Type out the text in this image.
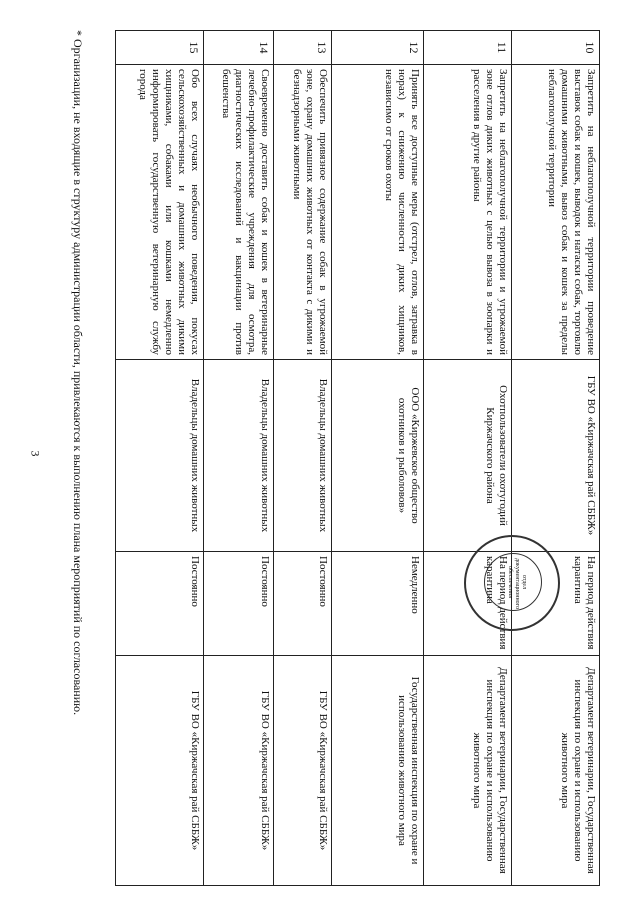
3
10	Запретить на неблагополучной территории проведение выставок собак и кошек, выводок и натаски собак, торговлю домашними животными, вывоз собак и кошек за пределы неблагополучной территории	ГБУ ВО «Киржачская рай СББЖ»	На период действия карантина	Департамент ветеринарии, Государственная инспекция по охране и использованию животного мира
11	Запретить на неблагополучной территории и угрожаемой зоне отлов диких животных с целью вывоза в зоопарки и расселения в другие районы	Охотпользователи охотугодий Киржачского района	На период действия карантина	Департамент ветеринарии, Государственная инспекция по охране и использованию животного мира
12	Принять все доступные меры (отстрел, отлов, затравка в норах) к снижению численности диких хищников, независимо от сроков охоты	ООО «Киржевское общество охотников и рыболовов»	Немедленно	Государственная инспекция по охране и использованию животного мира
13	Обеспечить привязное содержание собак в угрожаемой зоне, охрану домашних животных от контакта с дикими и безнадзорными животными	Владельцы домашних животных	Постоянно	ГБУ ВО «Киржачская рай СББЖ»
14	Своевременно доставить собак и кошек в ветеринарные лечебно-профилактические учреждения для осмотра, диагностических исследований и вакцинации против бешенства	Владельцы домашних животных	Постоянно	ГБУ ВО «Киржачская рай СББЖ»
15	Обо всех случаях необычного поведения, покусах сельскохозяйственных и домашних животных дикими хищниками, собаками или кошками немедленно информировать государственную ветеринарную службу города	Владельцы домашних животных	Постоянно	ГБУ ВО «Киржачская рай СББЖ»
* Организации, не входящие в структуру администрации области, привлекаются к выполнению плана мероприятий по согласованию.	отдел документационного обеспечения
